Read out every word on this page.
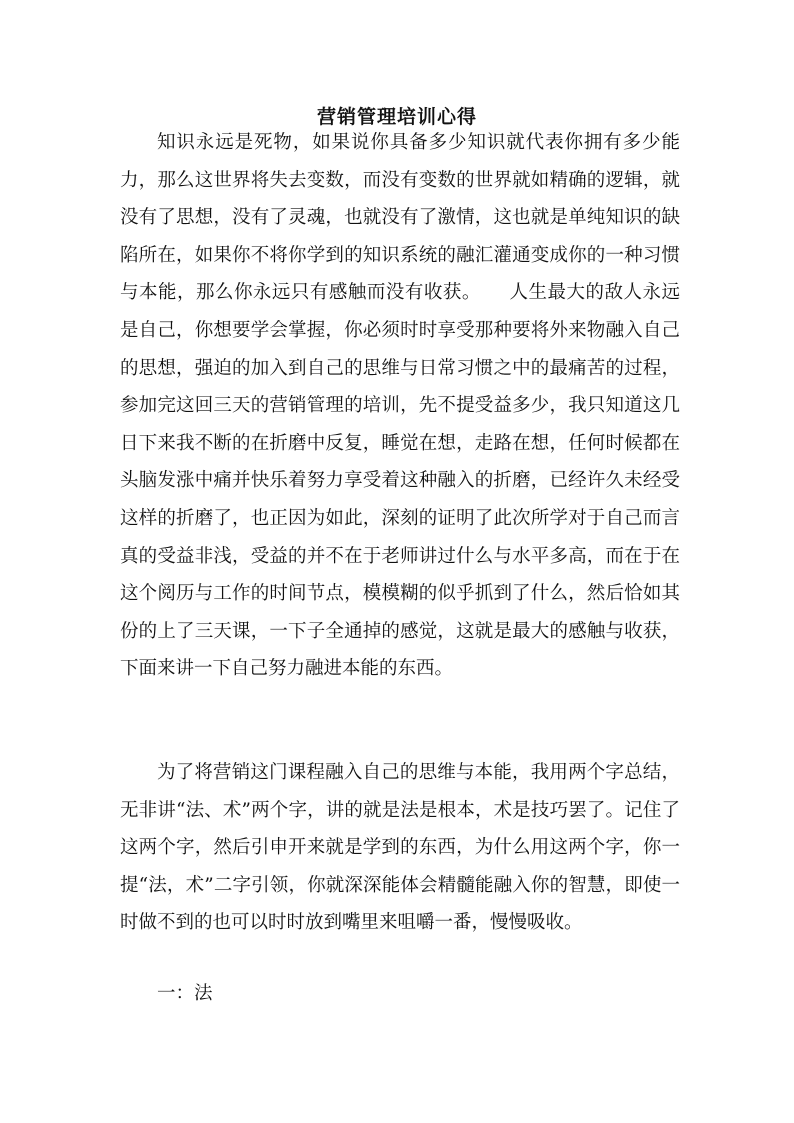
营销管理培训心得

知识永远是死物，如果说你具备多少知识就代表你拥有多少能力，那么这世界将失去变数，而没有变数的世界就如精确的逻辑，就没有了思想，没有了灵魂，也就没有了激情，这也就是单纯知识的缺陷所在，如果你不将你学到的知识系统的融汇灌通变成你的一种习惯与本能，那么你永远只有感触而没有收获。　　人生最大的敌人永远是自己，你想要学会掌握，你必须时时享受那种要将外来物融入自己的思想，强迫的加入到自己的思维与日常习惯之中的最痛苦的过程，参加完这回三天的营销管理的培训，先不提受益多少，我只知道这几日下来我不断的在折磨中反复，睡觉在想，走路在想，任何时候都在头脑发涨中痛并快乐着努力享受着这种融入的折磨，已经许久未经受这样的折磨了，也正因为如此，深刻的证明了此次所学对于自己而言真的受益非浅，受益的并不在于老师讲过什么与水平多高，而在于在这个阅历与工作的时间节点，模模糊的似乎抓到了什么，然后恰如其份的上了三天课，一下子全通掉的感觉，这就是最大的感触与收获，下面来讲一下自己努力融进本能的东西。

为了将营销这门课程融入自己的思维与本能，我用两个字总结，无非讲“法、术”两个字，讲的就是法是根本，术是技巧罢了。记住了这两个字，然后引申开来就是学到的东西，为什么用这两个字，你一提“法，术”二字引领，你就深深能体会精髓能融入你的智慧，即使一时做不到的也可以时时放到嘴里来咀嚼一番，慢慢吸收。

一：法
